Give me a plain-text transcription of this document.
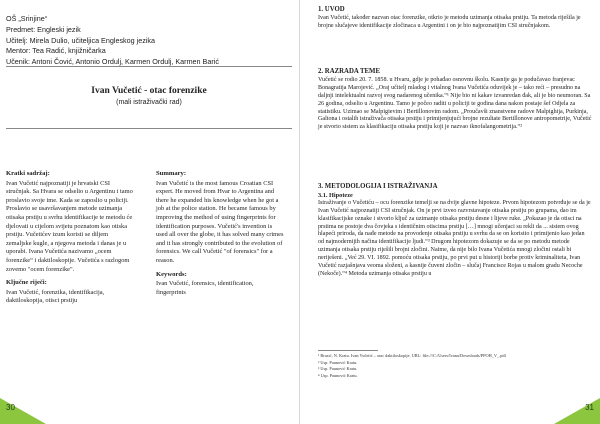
OŠ „Srinjine“
Predmet: Engleski jezik
Učitelj: Mirela Dulio, učiteljica Engleskog jezika
Mentor: Tea Radić, knjižničarka
Učenik: Antoni Čović, Antonio Ordulj, Karmen Ordulj, Karmen Barić
Ivan Vučetić - otac forenzike
(mali istraživački rad)
Kratki sadržaj:

Ivan Vučetić najpoznatiji je hrvatski CSI stručnjak. Sa Hvara se odselio u Argentinu i tamo proslavio svoje ime. Kada se zaposlio u policiji. Proslavio se usavršavanjem metode uzimanja otisaka prstiju u svrhu identifikacije te metodu će djelovati u cijelom svijetu poznatom kao otiska prstiju. Vučetićev izum koristi se diljem zemaljske kugle, a njegova metoda i danas je u uporabi. Ivana Vučetića nazivamo „ocem forenzike“ i daktiloskopije. Vučetića s razlogom zovemo "ocem forenzike".

Ključne riječi:

Ivan Vučetić, forenzika, identifikacija, daktiloskopija, otisci prstiju

Summary:

Ivan Vučetić is the most famous Croatian CSI expert. He moved from Hvar to Argentina and there he expanded his knowledge when he got a job at the police station. He became famous by improving the method of using fingerprints for identification purposes. Vučetić's invention is used all over the globe, it has solved many crimes and it has strongly contributed to the evolution of forensics. We call Vučetić "of forensics" for a reason.

Keywords:

Ivan Vučetić, forensics, identification, fingerprints

30
1. UVOD

Ivan Vučetić, također nazvan otac forenzike, otkrio je metodu uzimanja otisaka prstiju. Ta metoda riješila je brojne slučajeve identifikacije zločinaca u Argentini i on je bio najpoznatijim CSI stručnjakom.

2. RAZRADA TEME

Vučetić se rodio 20. 7. 1858. u Hvaru, gdje je pohađao osnovnu školu. Kasnije ga je podučavao franjevac Bonagratija Marojević. „Oraj učitelj mladog i vitalnog Ivana Vučetića oduvijek je – tako reći – presudno na daljnji intelektualni razvoj svog nadarenog učenika.“¹ Nije bio ni kakav izvanredan đak, ali je bio neumoran. Sa 26 godina, odselio u Argentinu. Tamo je počeo raditi u policiji te godina dana nakon postaje šef Odjela za statistiku. Uzimao se Malpigievim i Bertillonovim radom. „Proučavši znanstvene radove Malpighija, Purkinja, Galtona i ostalih istraživača otisaka prstiju i primijenjujući brojne rezultate Bertillonove antropometrije, Vučetić je stvorio sistem za klasifikaciju otisaka prstiju koji je nazvao iknofalangometrija.“²

3. METODOLOGIJA I ISTRAŽIVANJA
3.1. Hipoteze

Istraživanje o Vučetiću – ocu forenzike temelji se na dvije glavne hipoteze. Prvom hipotezom potvrđuje se da je Ivan Vučetić najpoznatiji CSI stručnjak. On je prvi izveo razvrstavanje otisaka prstiju po grupama, dao im klasifikacijske oznake i stvorio ključ za uzimanje otisaka prstiju desne i lijeve ruke. „Pokazao je da otisci na prstima ne postoje dva čovjeka s identičnim otiscima prstiju […] mnogi učenjaci su rekli da ... sistem ovog hlapeći priroda, da nađe metode na provodenje otisaka prstiju u svrhu da se on koristio i primijenio kao jedan od najmodernijih načina identifikacije ljudi.“³ Drugom hipotezom dokazuje se da se po metodu metode uzimanja otisaka prstiju riješili brojni zločini. Naime, da nije bilo Ivana Vučetića mnogi zločini ostali bi neriješeni. „Već 29. VI. 1892. pomoću otisaka prstiju, po prvi put u historiji borbe protiv kriminaliteta, Ivan Vučetić razjašnjava veoma složeni, a kasnije čuveni zločin – slučaj Francisce Rojas u malom gradu Necoche (Nekoče).“⁴ Metoda uzimanja otisaka prstiju u

¹ Brusić, N. Kratu. Ivan Vučetić – otac daktiloskopije. URL: file:///C:/Users/Ivana/Downloads/PPOH_V_.pdf
² Usp. Paunović Kratu.
³ Usp. Paunović Kratu.
⁴ Usp. Paunović Kratu.
31
